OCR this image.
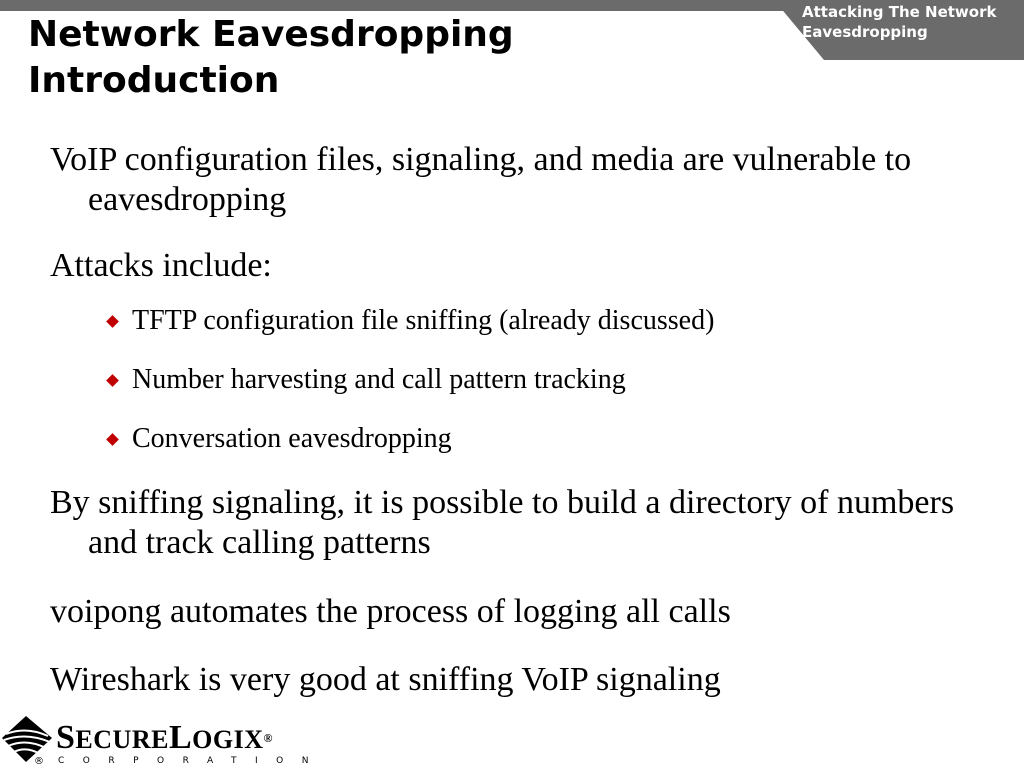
Attacking The Network
Eavesdropping
Network Eavesdropping
Introduction
VoIP configuration files, signaling, and media are vulnerable to eavesdropping
Attacks include:
TFTP configuration file sniffing (already discussed)
Number harvesting and call pattern tracking
Conversation eavesdropping
By sniffing signaling, it is possible to build a directory of numbers and track calling patterns
voipong automates the process of logging all calls
Wireshark is very good at sniffing VoIP signaling
SECURELOGIX®
CORPORATION
®
